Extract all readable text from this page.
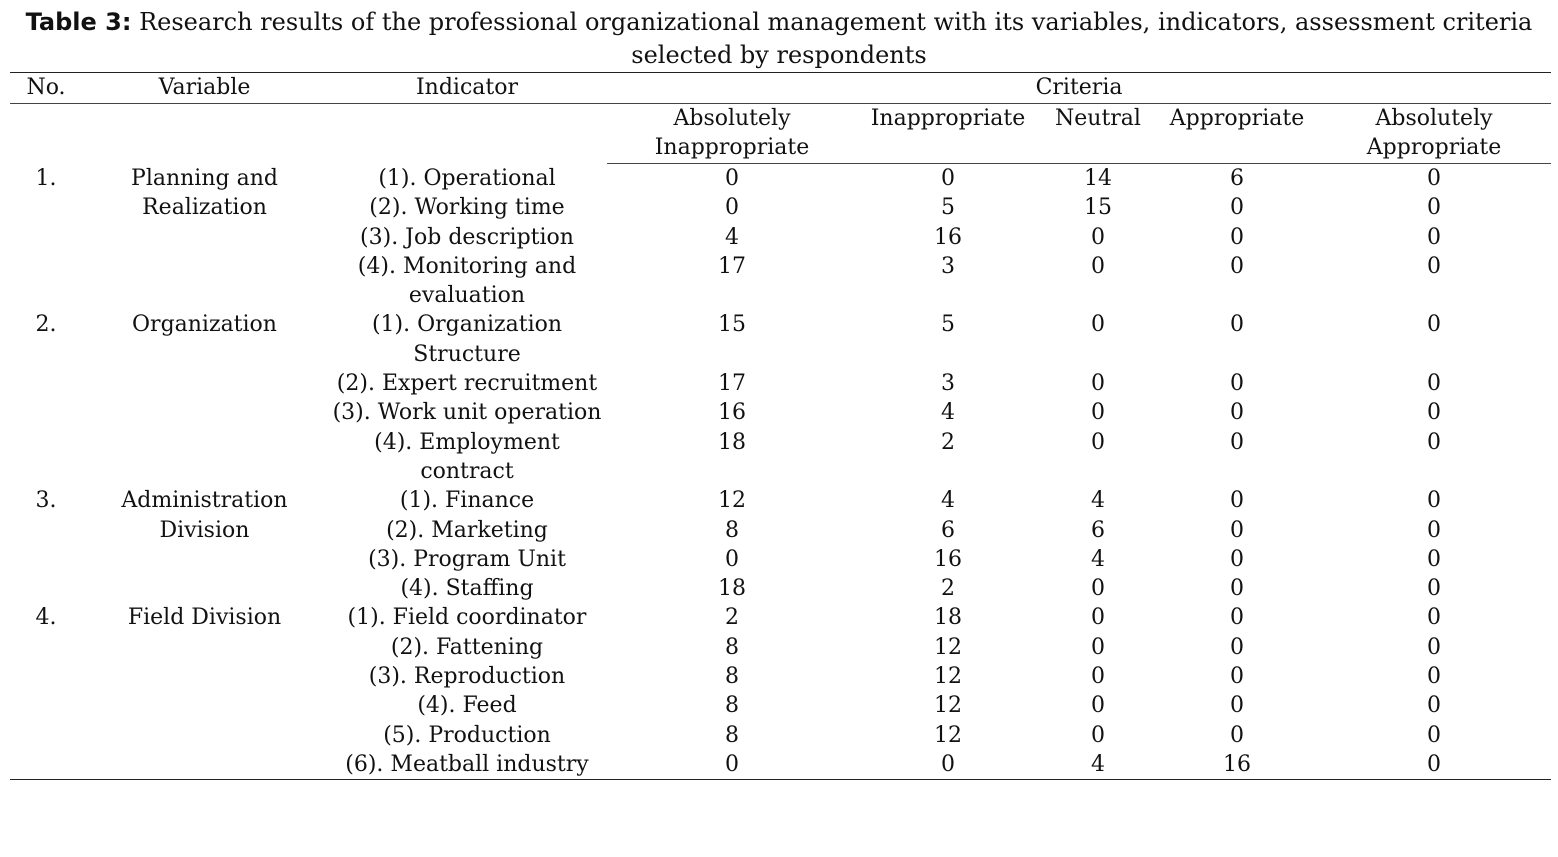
Table 3: Research results of the professional organizational management with its variables, indicators, assessment criteria selected by respondents
No.	Variable	Indicator	Criteria				
			Absolutely Inappropriate	Inappropriate	Neutral	Appropriate	Absolutely Appropriate
1.	Planning and Realization	(1). Operational	0	0	14	6	0
		(2). Working time	0	5	15	0	0
		(3). Job description	4	16	0	0	0
		(4). Monitoring and evaluation	17	3	0	0	0
2.	Organization	(1). Organization Structure	15	5	0	0	0
		(2). Expert recruitment	17	3	0	0	0
		(3). Work unit operation	16	4	0	0	0
		(4). Employment contract	18	2	0	0	0
3.	Administration Division	(1). Finance	12	4	4	0	0
		(2). Marketing	8	6	6	0	0
		(3). Program Unit	0	16	4	0	0
		(4). Staffing	18	2	0	0	0
4.	Field Division	(1). Field coordinator	2	18	0	0	0
		(2). Fattening	8	12	0	0	0
		(3). Reproduction	8	12	0	0	0
		(4). Feed	8	12	0	0	0
		(5). Production	8	12	0	0	0
		(6). Meatball industry	0	0	4	16	0
